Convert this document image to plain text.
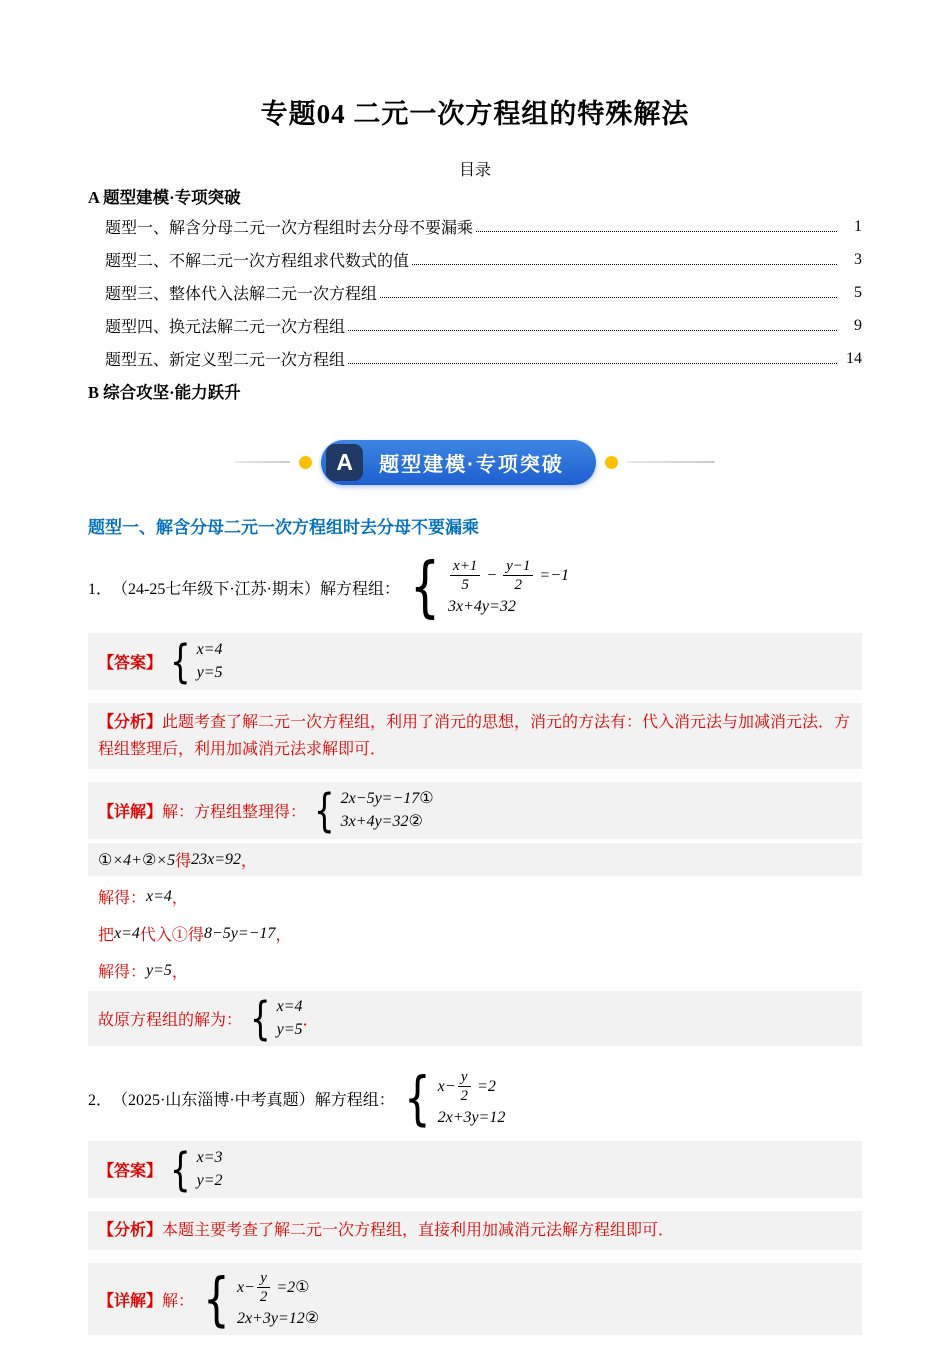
专题04 二元一次方程组的特殊解法
目录
A 题型建模·专项突破
题型一、解含分母二元一次方程组时去分母不要漏乘	1
题型二、不解二元一次方程组求代数式的值	3
题型三、整体代入法解二元一次方程组	5
题型四、换元法解二元一次方程组	9
题型五、新定义型二元一次方程组	14
B 综合攻坚·能力跃升
A	题型建模·专项突破
题型一、解含分母二元一次方程组时去分母不要漏乘
1． （24-25七年级下·江苏·期末） 解方程组： { $\frac{x+1}{5} - \frac{y-1}{2} =-1$
3x+4y=32
【答案】 { x=4
y=5
【分析】此题考查了解二元一次方程组，利用了消元的思想，消元的方法有：代入消元法与加减消元法．方程组整理后，利用加减消元法求解即可．
【详解】 解：方程组整理得： { 2x−5y=−17①
3x+4y=32②
①×4+②×5 得 23x=92 ，
解得： x=4 ，
把 x=4 代入①得 8−5y=−17 ，
解得： y=5 ，
故原方程组的解为： { x=4
y=5
．
2． （2025·山东淄博·中考真题） 解方程组： { $x- \frac{y}{2} =2$
2x+3y=12
【答案】 { x=3
y=2
【分析】本题主要考查了解二元一次方程组，直接利用加减消元法解方程组即可．
【详解】 解： { $x- \frac{y}{2}$ =2①
2x+3y=12②
